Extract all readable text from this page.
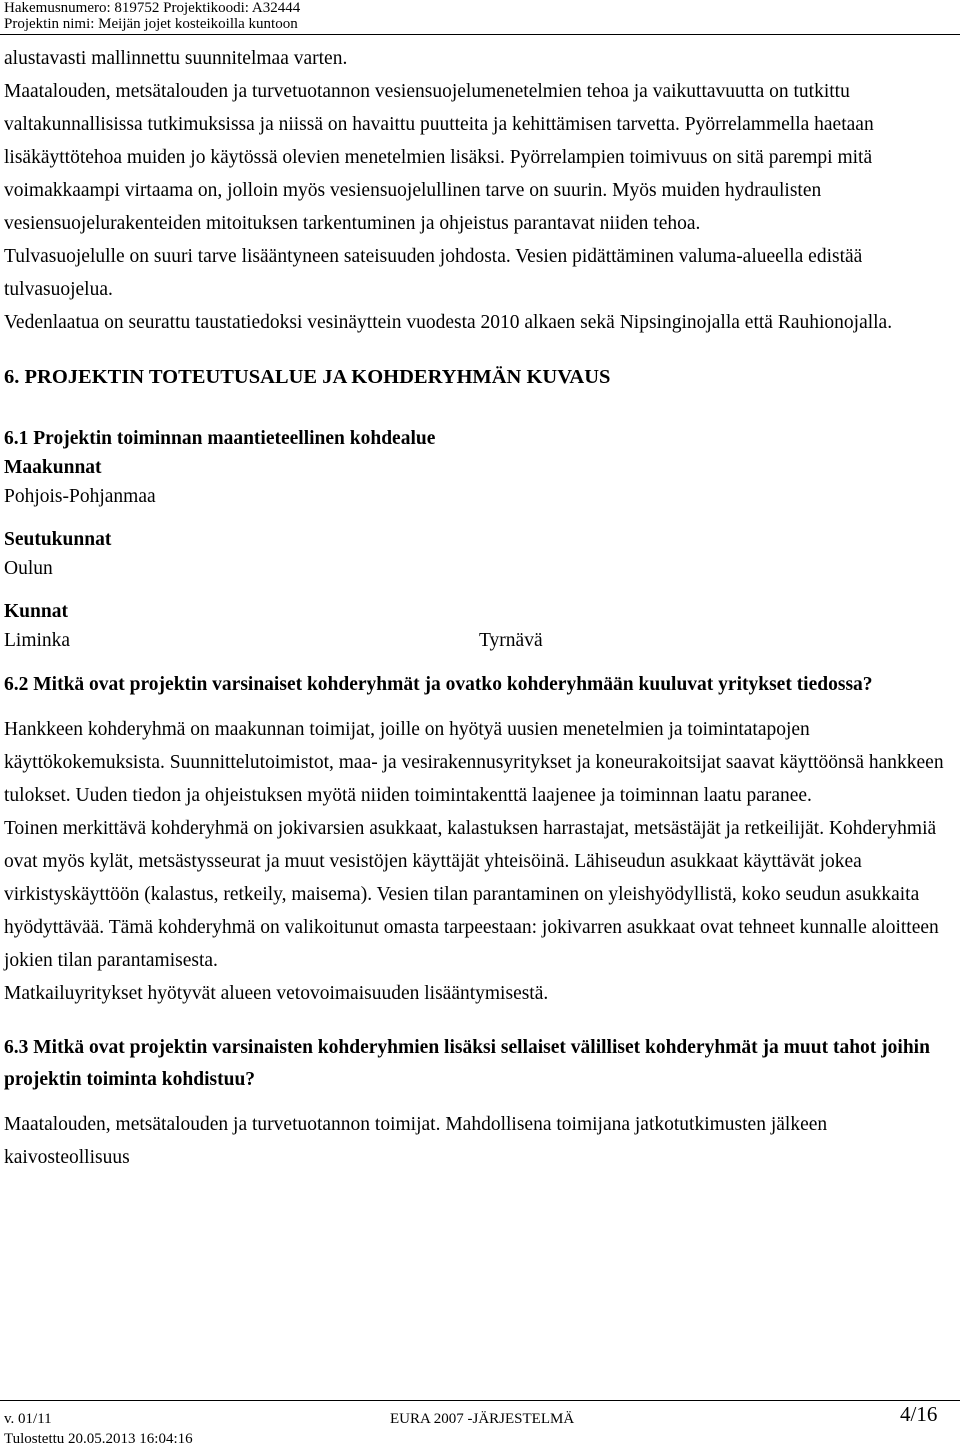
Hakemusnumero: 819752 Projektikoodi: A32444
Projektin nimi: Meijän jojet kosteikoilla kuntoon

alustavasti mallinnettu suunnitelmaa varten.

Maatalouden, metsätalouden ja turvetuotannon vesiensuojelumenetelmien tehoa ja vaikuttavuutta on tutkittu valtakunnallisissa tutkimuksissa ja niissä on havaittu puutteita ja kehittämisen tarvetta. Pyörrelammella haetaan lisäkäyttötehoa muiden jo käytössä olevien menetelmien lisäksi. Pyörrelampien toimivuus on sitä parempi mitä voimakkaampi virtaama on, jolloin myös vesiensuojelullinen tarve on suurin. Myös muiden hydraulisten vesiensuojelurakenteiden mitoituksen tarkentuminen ja ohjeistus parantavat niiden tehoa.

Tulvasuojelulle on suuri tarve lisääntyneen sateisuuden johdosta. Vesien pidättäminen valuma-alueella edistää tulvasuojelua.

Vedenlaatua on seurattu taustatiedoksi vesinäyttein vuodesta 2010 alkaen sekä Nipsinginojalla että Rauhionojalla.

6. PROJEKTIN TOTEUTUSALUE JA KOHDERYHMÄN KUVAUS

6.1 Projektin toiminnan maantieteellinen kohdealue

Maakunnat

Pohjois-Pohjanmaa

Seutukunnat

Oulun

Kunnat

Liminka	Tyrnävä

6.2 Mitkä ovat projektin varsinaiset kohderyhmät ja ovatko kohderyhmään kuuluvat yritykset tiedossa?

Hankkeen kohderyhmä on maakunnan toimijat, joille on hyötyä uusien menetelmien ja toimintatapojen käyttökokemuksista. Suunnittelutoimistot, maa- ja vesirakennusyritykset ja koneurakoitsijat saavat käyttöönsä hankkeen tulokset. Uuden tiedon ja ohjeistuksen myötä niiden toimintakenttä laajenee ja toiminnan laatu paranee.

Toinen merkittävä kohderyhmä on jokivarsien asukkaat, kalastuksen harrastajat, metsästäjät ja retkeilijät. Kohderyhmiä ovat myös kylät, metsästysseurat ja muut vesistöjen käyttäjät yhteisöinä. Lähiseudun asukkaat käyttävät jokea virkistyskäyttöön (kalastus, retkeily, maisema). Vesien tilan parantaminen on yleishyödyllistä, koko seudun asukkaita hyödyttävää. Tämä kohderyhmä on valikoitunut omasta tarpeestaan: jokivarren asukkaat ovat tehneet kunnalle aloitteen jokien tilan parantamisesta.

Matkailuyritykset hyötyvät alueen vetovoimaisuuden lisääntymisestä.

6.3 Mitkä ovat projektin varsinaisten kohderyhmien lisäksi sellaiset välilliset kohderyhmät ja muut tahot joihin projektin toiminta kohdistuu?

Maatalouden, metsätalouden ja turvetuotannon toimijat. Mahdollisena toimijana jatkotutkimusten jälkeen kaivosteollisuus

v. 01/11	EURA 2007 -JÄRJESTELMÄ	4/16
Tulostettu 20.05.2013 16:04:16
